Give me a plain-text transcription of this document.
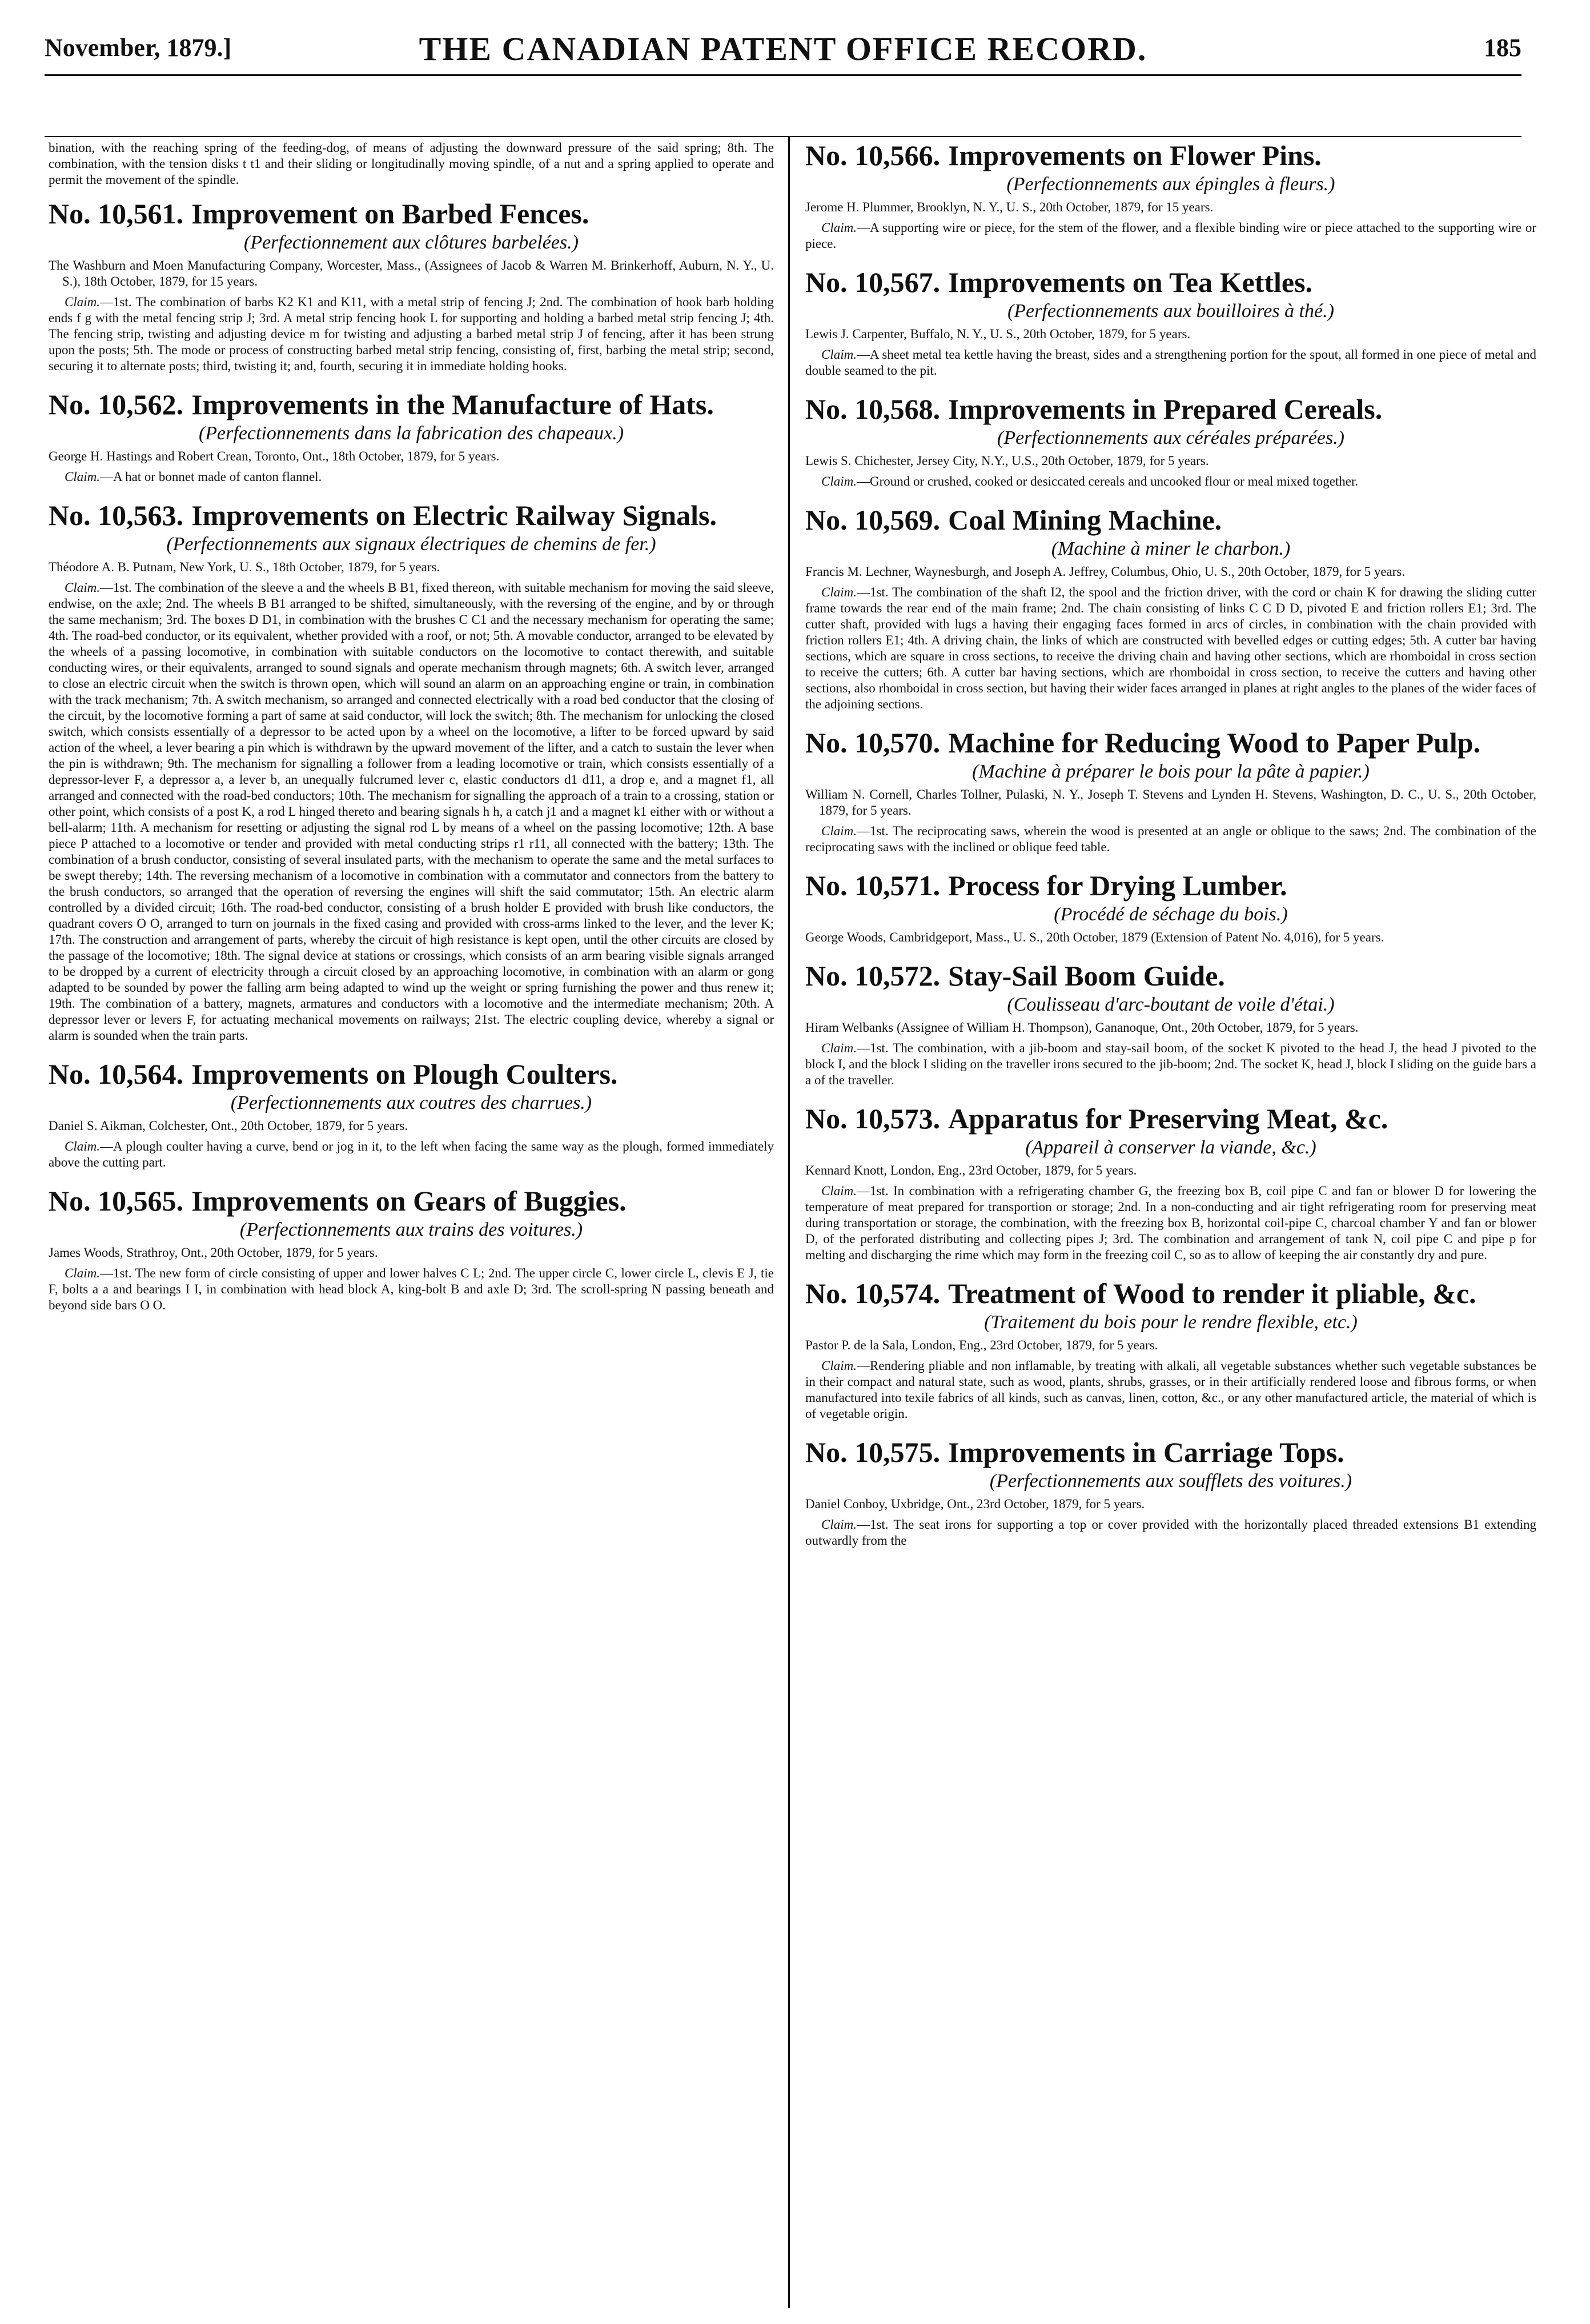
November, 1879.]	THE CANADIAN PATENT OFFICE RECORD.	185

bination, with the reaching spring of the feeding-dog, of means of adjusting the downward pressure of the said spring; 8th. The combination, with the tension disks t t1 and their sliding or longitudinally moving spindle, of a nut and a spring applied to operate and permit the movement of the spindle.

No. 10,561. Improvement on Barbed Fences.
(Perfectionnement aux clôtures barbelées.)

The Washburn and Moen Manufacturing Company, Worcester, Mass., (Assignees of Jacob & Warren M. Brinkerhoff, Auburn, N. Y., U. S.), 18th October, 1879, for 15 years.

Claim.—1st. The combination of barbs K2 K1 and K11, with a metal strip of fencing J; 2nd. The combination of hook barb holding ends f g with the metal fencing strip J; 3rd. A metal strip fencing hook L for supporting and holding a barbed metal strip fencing J; 4th. The fencing strip, twisting and adjusting device m for twisting and adjusting a barbed metal strip J of fencing, after it has been strung upon the posts; 5th. The mode or process of constructing barbed metal strip fencing, consisting of, first, barbing the metal strip; second, securing it to alternate posts; third, twisting it; and, fourth, securing it in immediate holding hooks.

No. 10,562. Improvements in the Manufacture of Hats.
(Perfectionnements dans la fabrication des chapeaux.)

George H. Hastings and Robert Crean, Toronto, Ont., 18th October, 1879, for 5 years.

Claim.—A hat or bonnet made of canton flannel.

No. 10,563. Improvements on Electric Railway Signals.
(Perfectionnements aux signaux électriques de chemins de fer.)

Théodore A. B. Putnam, New York, U. S., 18th October, 1879, for 5 years.

Claim.—1st. The combination of the sleeve a and the wheels B B1, fixed thereon, with suitable mechanism for moving the said sleeve, endwise, on the axle; 2nd. The wheels B B1 arranged to be shifted, simultaneously, with the reversing of the engine, and by or through the same mechanism; 3rd. The boxes D D1, in combination with the brushes C C1 and the necessary mechanism for operating the same; 4th. The road-bed conductor, or its equivalent, whether provided with a roof, or not; 5th. A movable conductor, arranged to be elevated by the wheels of a passing locomotive, in combination with suitable conductors on the locomotive to contact therewith, and suitable conducting wires, or their equivalents, arranged to sound signals and operate mechanism through magnets; 6th. A switch lever, arranged to close an electric circuit when the switch is thrown open, which will sound an alarm on an approaching engine or train, in combination with the track mechanism; 7th. A switch mechanism, so arranged and connected electrically with a road bed conductor that the closing of the circuit, by the locomotive forming a part of same at said conductor, will lock the switch; 8th. The mechanism for unlocking the closed switch, which consists essentially of a depressor to be acted upon by a wheel on the locomotive, a lifter to be forced upward by said action of the wheel, a lever bearing a pin which is withdrawn by the upward movement of the lifter, and a catch to sustain the lever when the pin is withdrawn; 9th. The mechanism for signalling a follower from a leading locomotive or train, which consists essentially of a depressor-lever F, a depressor a, a lever b, an unequally fulcrumed lever c, elastic conductors d1 d11, a drop e, and a magnet f1, all arranged and connected with the road-bed conductors; 10th. The mechanism for signalling the approach of a train to a crossing, station or other point, which consists of a post K, a rod L hinged thereto and bearing signals h h, a catch j1 and a magnet k1 either with or without a bell-alarm; 11th. A mechanism for resetting or adjusting the signal rod L by means of a wheel on the passing locomotive; 12th. A base piece P attached to a locomotive or tender and provided with metal conducting strips r1 r11, all connected with the battery; 13th. The combination of a brush conductor, consisting of several insulated parts, with the mechanism to operate the same and the metal surfaces to be swept thereby; 14th. The reversing mechanism of a locomotive in combination with a commutator and connectors from the battery to the brush conductors, so arranged that the operation of reversing the engines will shift the said commutator; 15th. An electric alarm controlled by a divided circuit; 16th. The road-bed conductor, consisting of a brush holder E provided with brush like conductors, the quadrant covers O O, arranged to turn on journals in the fixed casing and provided with cross-arms linked to the lever, and the lever K; 17th. The construction and arrangement of parts, whereby the circuit of high resistance is kept open, until the other circuits are closed by the passage of the locomotive; 18th. The signal device at stations or crossings, which consists of an arm bearing visible signals arranged to be dropped by a current of electricity through a circuit closed by an approaching locomotive, in combination with an alarm or gong adapted to be sounded by power the falling arm being adapted to wind up the weight or spring furnishing the power and thus renew it; 19th. The combination of a battery, magnets, armatures and conductors with a locomotive and the intermediate mechanism; 20th. A depressor lever or levers F, for actuating mechanical movements on railways; 21st. The electric coupling device, whereby a signal or alarm is sounded when the train parts.

No. 10,564. Improvements on Plough Coulters.
(Perfectionnements aux coutres des charrues.)

Daniel S. Aikman, Colchester, Ont., 20th October, 1879, for 5 years.

Claim.—A plough coulter having a curve, bend or jog in it, to the left when facing the same way as the plough, formed immediately above the cutting part.

No. 10,565. Improvements on Gears of Buggies.
(Perfectionnements aux trains des voitures.)

James Woods, Strathroy, Ont., 20th October, 1879, for 5 years.

Claim.—1st. The new form of circle consisting of upper and lower halves C L; 2nd. The upper circle C, lower circle L, clevis E J, tie F, bolts a a and bearings I I, in combination with head block A, king-bolt B and axle D; 3rd. The scroll-spring N passing beneath and beyond side bars O O.

No. 10,566. Improvements on Flower Pins.
(Perfectionnements aux épingles à fleurs.)

Jerome H. Plummer, Brooklyn, N. Y., U. S., 20th October, 1879, for 15 years.

Claim.—A supporting wire or piece, for the stem of the flower, and a flexible binding wire or piece attached to the supporting wire or piece.

No. 10,567. Improvements on Tea Kettles.
(Perfectionnements aux bouilloires à thé.)

Lewis J. Carpenter, Buffalo, N. Y., U. S., 20th October, 1879, for 5 years.

Claim.—A sheet metal tea kettle having the breast, sides and a strengthening portion for the spout, all formed in one piece of metal and double seamed to the pit.

No. 10,568. Improvements in Prepared Cereals.
(Perfectionnements aux céréales préparées.)

Lewis S. Chichester, Jersey City, N.Y., U.S., 20th October, 1879, for 5 years.

Claim.—Ground or crushed, cooked or desiccated cereals and uncooked flour or meal mixed together.

No. 10,569. Coal Mining Machine.
(Machine à miner le charbon.)

Francis M. Lechner, Waynesburgh, and Joseph A. Jeffrey, Columbus, Ohio, U. S., 20th October, 1879, for 5 years.

Claim.—1st. The combination of the shaft I2, the spool and the friction driver, with the cord or chain K for drawing the sliding cutter frame towards the rear end of the main frame; 2nd. The chain consisting of links C C D D, pivoted E and friction rollers E1; 3rd. The cutter shaft, provided with lugs a having their engaging faces formed in arcs of circles, in combination with the chain provided with friction rollers E1; 4th. A driving chain, the links of which are constructed with bevelled edges or cutting edges; 5th. A cutter bar having sections, which are square in cross sections, to receive the driving chain and having other sections, which are rhomboidal in cross section to receive the cutters; 6th. A cutter bar having sections, which are rhomboidal in cross section, to receive the cutters and having other sections, also rhomboidal in cross section, but having their wider faces arranged in planes at right angles to the planes of the wider faces of the adjoining sections.

No. 10,570. Machine for Reducing Wood to Paper Pulp.
(Machine à préparer le bois pour la pâte à papier.)

William N. Cornell, Charles Tollner, Pulaski, N. Y., Joseph T. Stevens and Lynden H. Stevens, Washington, D. C., U. S., 20th October, 1879, for 5 years.

Claim.—1st. The reciprocating saws, wherein the wood is presented at an angle or oblique to the saws; 2nd. The combination of the reciprocating saws with the inclined or oblique feed table.

No. 10,571. Process for Drying Lumber.
(Procédé de séchage du bois.)

George Woods, Cambridgeport, Mass., U. S., 20th October, 1879 (Extension of Patent No. 4,016), for 5 years.

No. 10,572. Stay-Sail Boom Guide.
(Coulisseau d'arc-boutant de voile d'étai.)

Hiram Welbanks (Assignee of William H. Thompson), Gananoque, Ont., 20th October, 1879, for 5 years.

Claim.—1st. The combination, with a jib-boom and stay-sail boom, of the socket K pivoted to the head J, the head J pivoted to the block I, and the block I sliding on the traveller irons secured to the jib-boom; 2nd. The socket K, head J, block I sliding on the guide bars a a of the traveller.

No. 10,573. Apparatus for Preserving Meat, &c.
(Appareil à conserver la viande, &c.)

Kennard Knott, London, Eng., 23rd October, 1879, for 5 years.

Claim.—1st. In combination with a refrigerating chamber G, the freezing box B, coil pipe C and fan or blower D for lowering the temperature of meat prepared for transportion or storage; 2nd. In a non-conducting and air tight refrigerating room for preserving meat during transportation or storage, the combination, with the freezing box B, horizontal coil-pipe C, charcoal chamber Y and fan or blower D, of the perforated distributing and collecting pipes J; 3rd. The combination and arrangement of tank N, coil pipe C and pipe p for melting and discharging the rime which may form in the freezing coil C, so as to allow of keeping the air constantly dry and pure.

No. 10,574. Treatment of Wood to render it pliable, &c.
(Traitement du bois pour le rendre flexible, etc.)

Pastor P. de la Sala, London, Eng., 23rd October, 1879, for 5 years.

Claim.—Rendering pliable and non inflamable, by treating with alkali, all vegetable substances whether such vegetable substances be in their compact and natural state, such as wood, plants, shrubs, grasses, or in their artificially rendered loose and fibrous forms, or when manufactured into texile fabrics of all kinds, such as canvas, linen, cotton, &c., or any other manufactured article, the material of which is of vegetable origin.

No. 10,575. Improvements in Carriage Tops.
(Perfectionnements aux soufflets des voitures.)

Daniel Conboy, Uxbridge, Ont., 23rd October, 1879, for 5 years.

Claim.—1st. The seat irons for supporting a top or cover provided with the horizontally placed threaded extensions B1 extending outwardly from the
